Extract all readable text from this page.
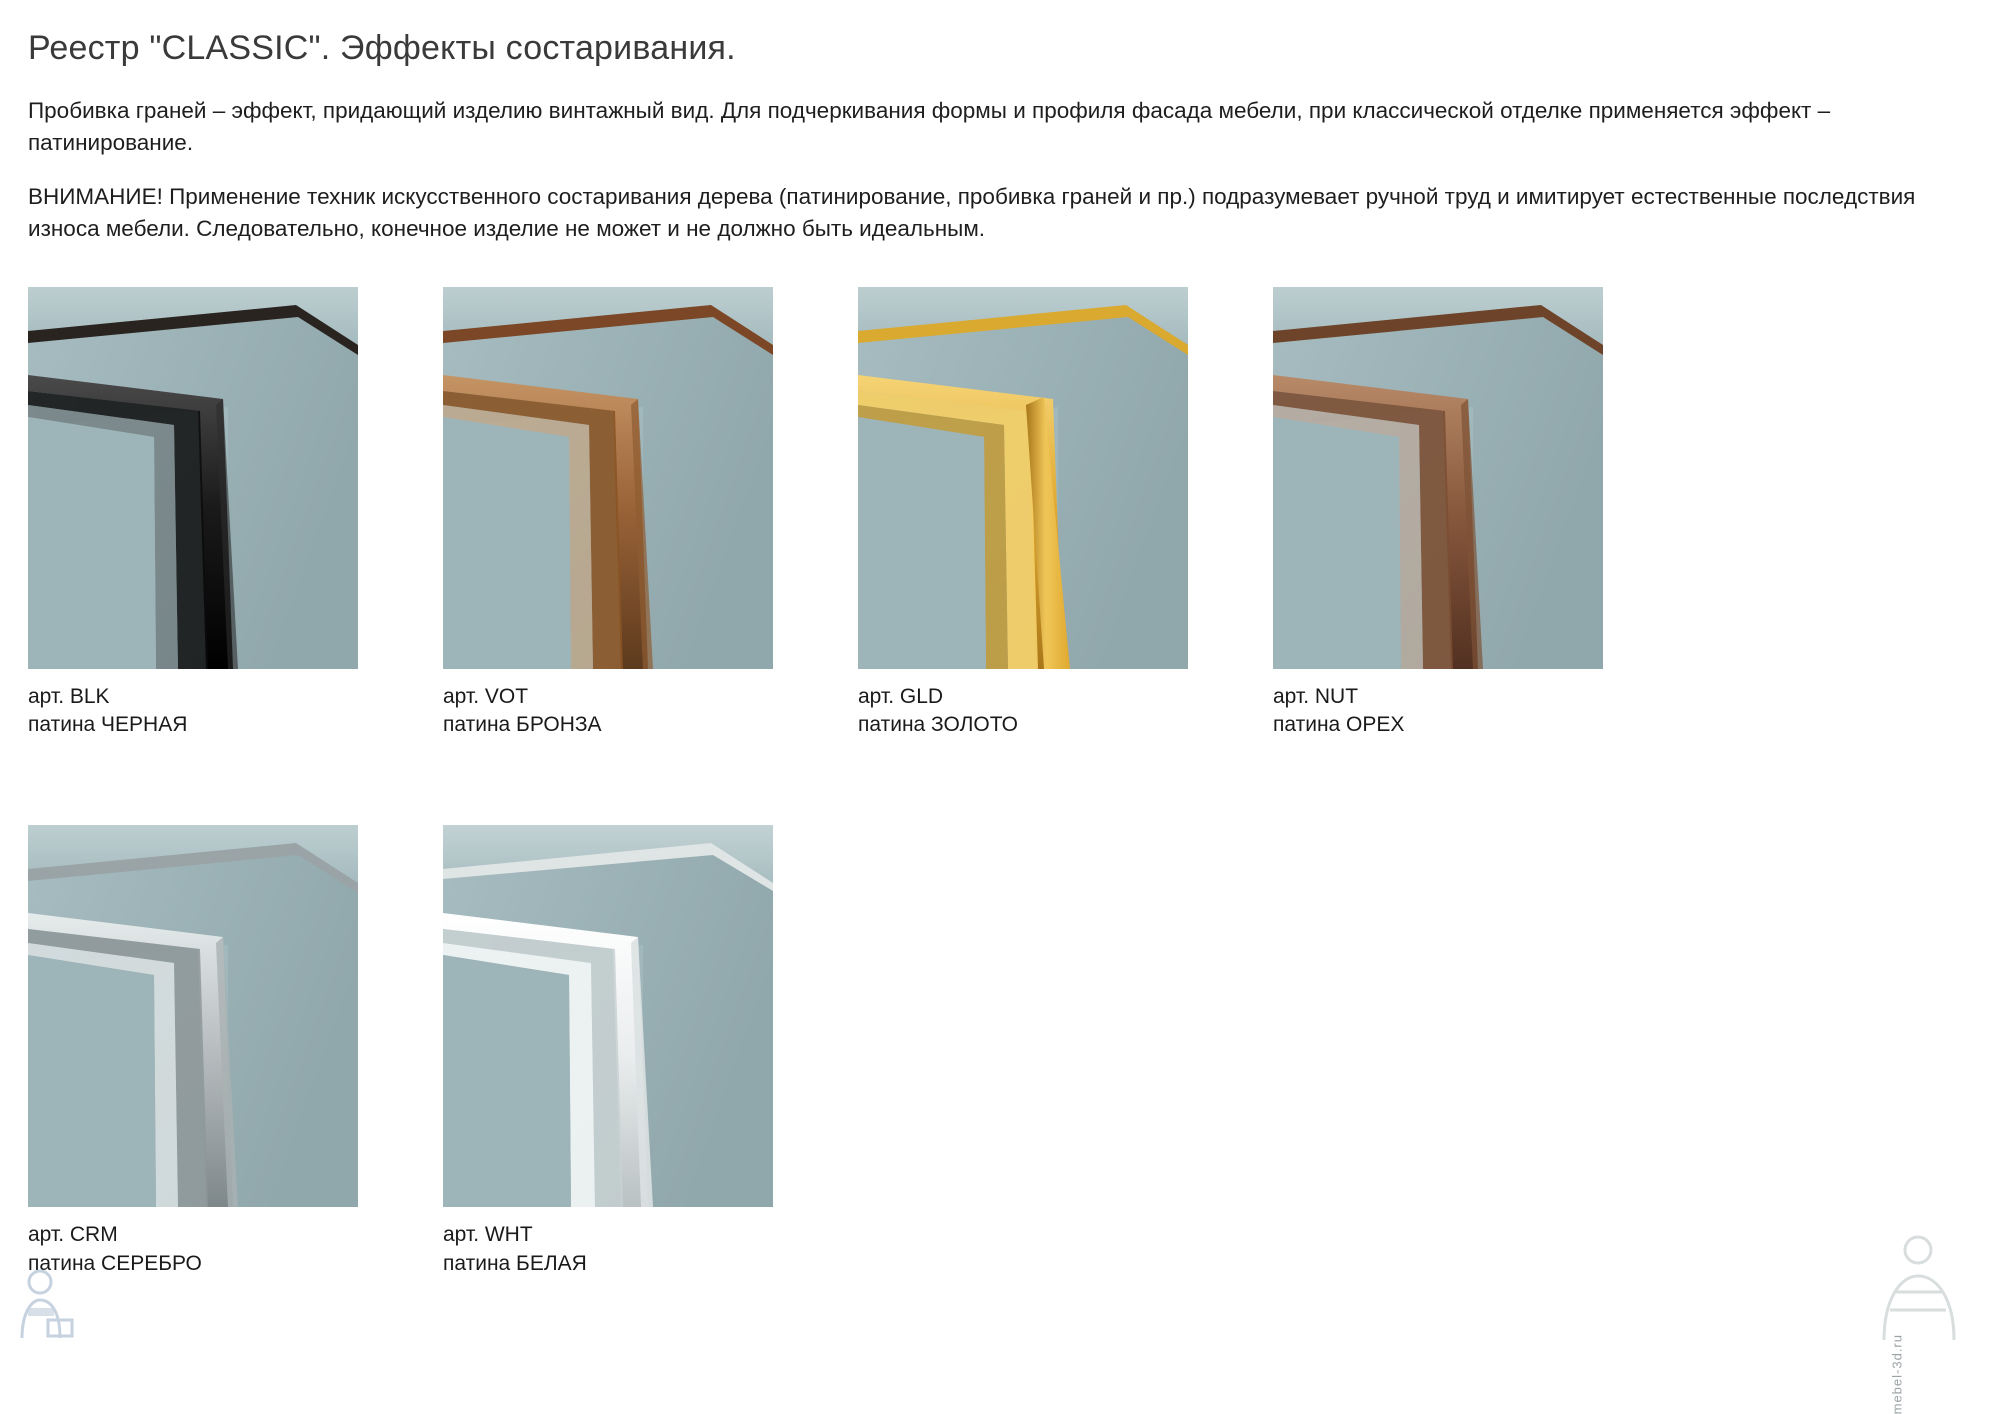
Реестр "CLASSIC". Эффекты состаривания.

Пробивка граней – эффект, придающий изделию винтажный вид. Для подчеркивания формы и профиля фасада мебели, при классической отделке применяется эффект – патинирование.

ВНИМАНИЕ! Применение техник искусственного состаривания дерева (патинирование, пробивка граней и пр.) подразумевает ручной труд и имитирует естественные последствия износа мебели. Следовательно, конечное изделие не может и не должно быть идеальным.

арт. BLK
патина ЧЕРНАЯ
арт. VOT
патина БРОНЗА
арт. GLD
патина ЗОЛОТО
арт. NUT
патина ОРЕХ
арт. CRM
патина СЕРЕБРО
арт. WHT
патина БЕЛАЯ
mebel-3d.ru
